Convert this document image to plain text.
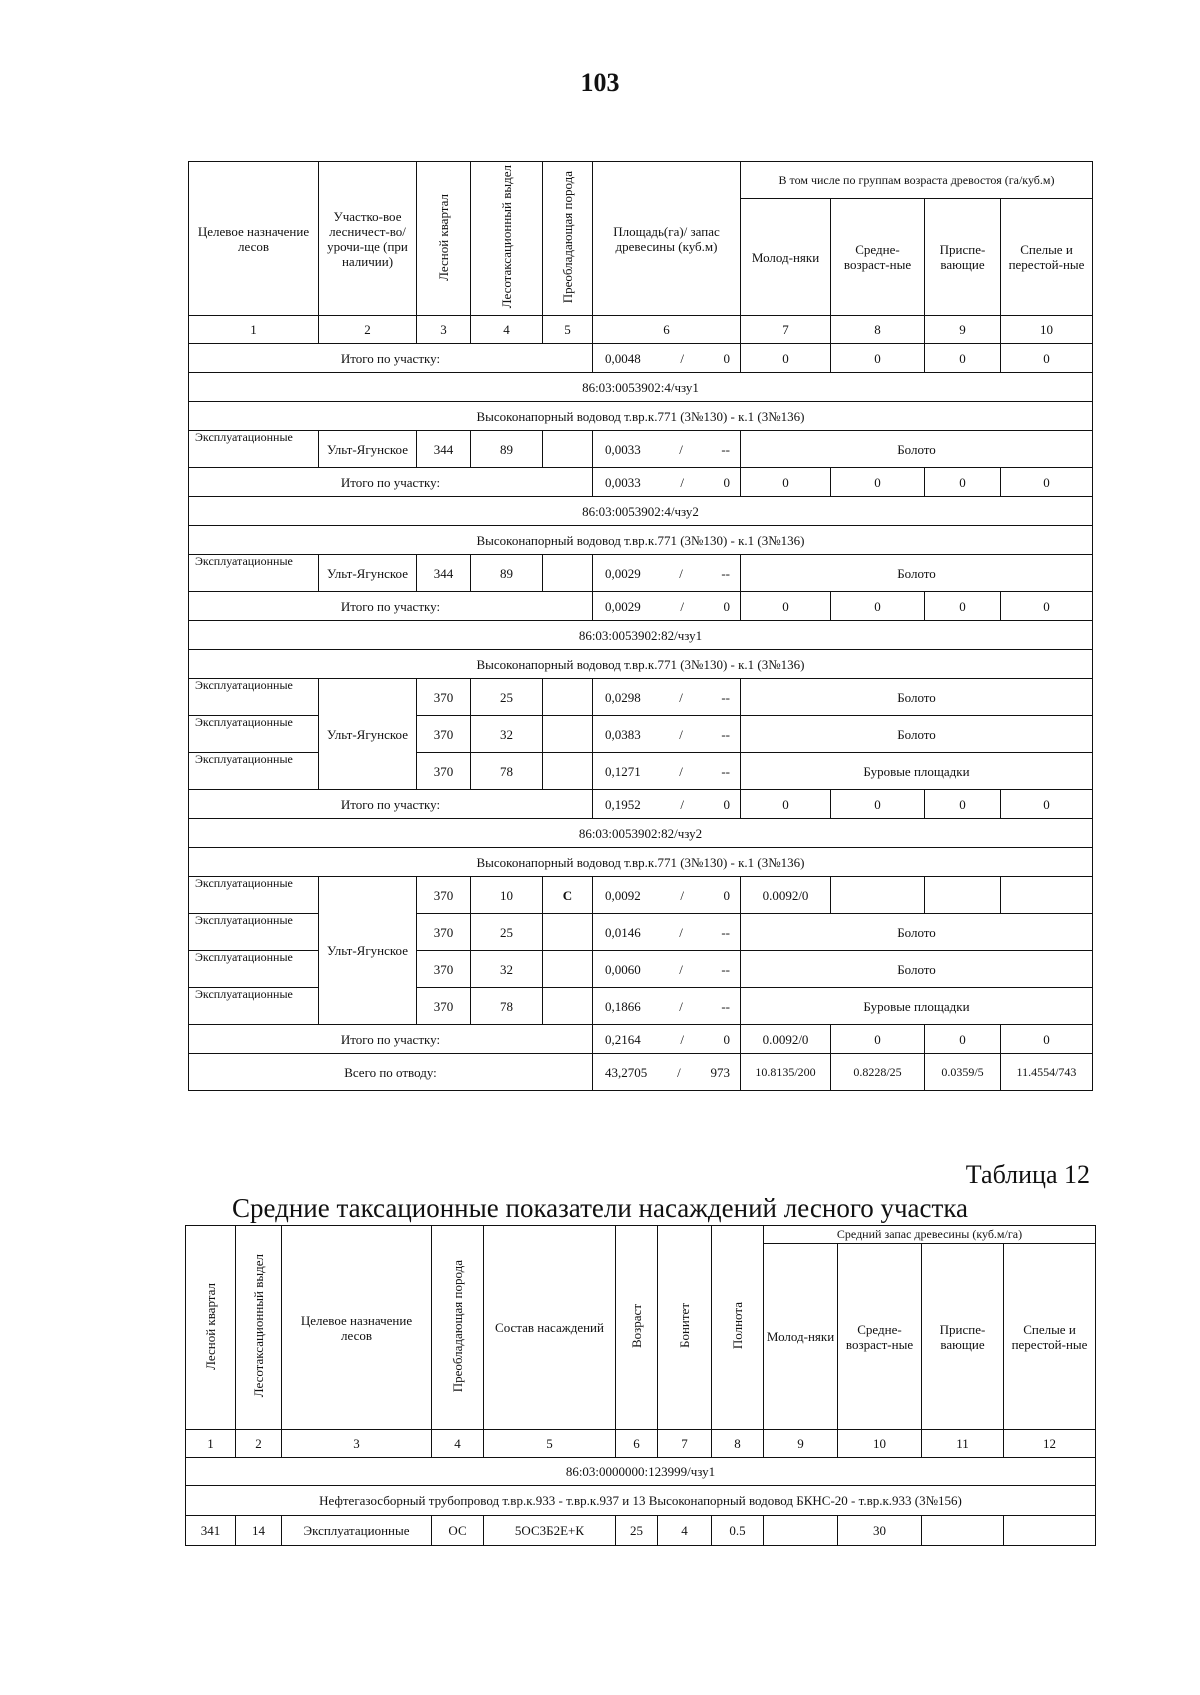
103
Целевое назначение лесов	Участко-вое лесничест-во/урочи-ще (при наличии)	Лесной квартал	Лесотаксационный выдел	Преобладающая порода	Площадь(га)/ запас древесины (куб.м)	В том числе по группам возраста древостоя (га/куб.м)			
						Молод-няки	Средне-возраст-ные	Приспе-вающие	Спелые и перестой-ные
1	2	3	4	5	6	7	8	9	10
Итого по участку:					0,0048 / 0	0	0	0	0
86:03:0053902:4/чзу1									
Высоконапорный водовод т.вр.к.771 (3№130) - к.1 (3№136)									
Эксплуатационные	Ульт-Ягунское	344	89		0,0033 / --	Болото			
Итого по участку:					0,0033 / 0	0	0	0	0
86:03:0053902:4/чзу2									
Высоконапорный водовод т.вр.к.771 (3№130) - к.1 (3№136)									
Эксплуатационные	Ульт-Ягунское	344	89		0,0029 / --	Болото			
Итого по участку:					0,0029 / 0	0	0	0	0
86:03:0053902:82/чзу1									
Высоконапорный водовод т.вр.к.771 (3№130) - к.1 (3№136)									
Эксплуатационные	Ульт-Ягунское	370	25		0,0298 / --	Болото			
Эксплуатационные		370	32		0,0383 / --	Болото			
Эксплуатационные		370	78		0,1271 / --	Буровые площадки			
Итого по участку:					0,1952 / 0	0	0	0	0
86:03:0053902:82/чзу2									
Высоконапорный водовод т.вр.к.771 (3№130) - к.1 (3№136)									
Эксплуатационные	Ульт-Ягунское	370	10	С	0,0092 / 0	0.0092/0			
Эксплуатационные		370	25		0,0146 / --	Болото			
Эксплуатационные		370	32		0,0060 / --	Болото			
Эксплуатационные		370	78		0,1866 / --	Буровые площадки			
Итого по участку:					0,2164 / 0	0.0092/0	0	0	0
Всего по отводу:					43,2705 / 973	10.8135/200	0.8228/25	0.0359/5	11.4554/743
Таблица 12
Средние таксационные показатели насаждений лесного участка
Лесной квартал	Лесотаксационный выдел	Целевое назначение лесов	Преобладающая порода	Состав насаждений	Возраст	Бонитет	Полнота	Средний запас древесины (куб.м/га)			
								Молод-няки	Средне-возраст-ные	Приспе-вающие	Спелые и перестой-ные
1	2	3	4	5	6	7	8	9	10	11	12
86:03:0000000:123999/чзу1											
Нефтегазосборный трубопровод т.вр.к.933 - т.вр.к.937 и 13 Высоконапорный водовод БКНС-20 - т.вр.к.933 (3№156)											
341	14	Эксплуатационные	ОС	5ОС3Б2Е+К	25	4	0.5		30		
